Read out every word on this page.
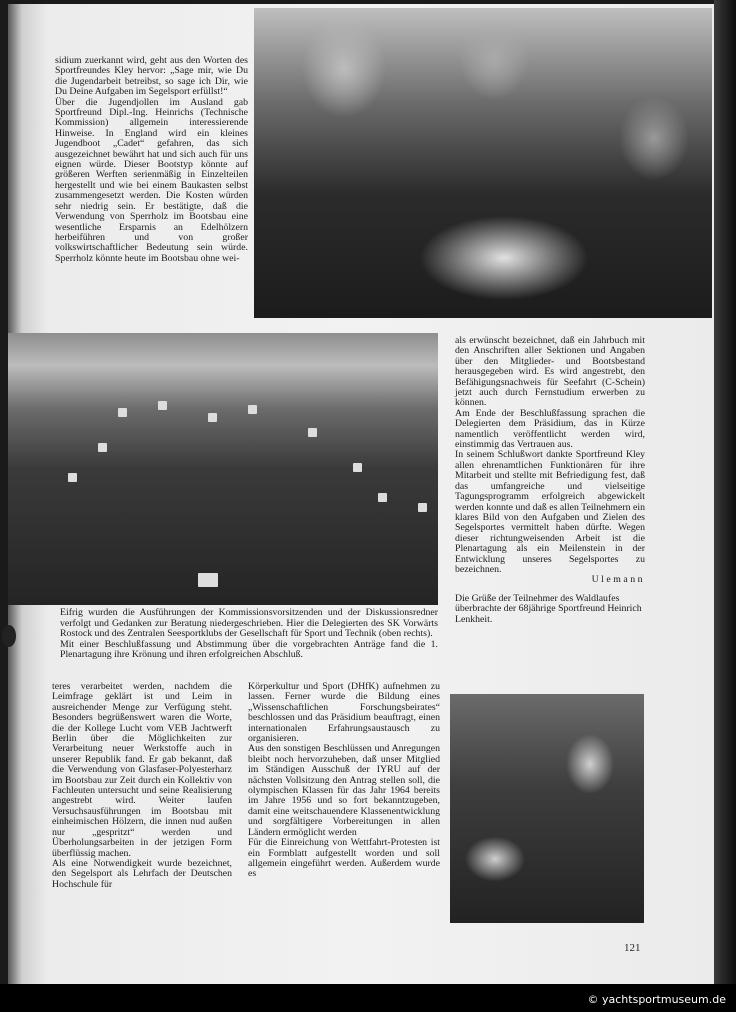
sidium zuerkannt wird, geht aus den Worten des Sportfreundes Kley hervor: „Sage mir, wie Du die Jugendarbeit betreibst, so sage ich Dir, wie Du Deine Aufgaben im Segelsport erfüllst!“

Über die Jugendjollen im Ausland gab Sportfreund Dipl.-Ing. Heinrichs (Technische Kommission) allgemein interessierende Hinweise. In England wird ein kleines Jugendboot „Cadet“ gefahren, das sich ausgezeichnet bewährt hat und sich auch für uns eignen würde. Dieser Bootstyp könnte auf größeren Werften serienmäßig in Einzelteilen hergestellt und wie bei einem Baukasten selbst zusammengesetzt werden. Die Kosten würden sehr niedrig sein. Er bestätigte, daß die Verwendung von Sperrholz im Bootsbau eine wesentliche Ersparnis an Edelhölzern herbeiführen und von großer volkswirtschaftlicher Bedeutung sein würde. Sperrholz könnte heute im Bootsbau ohne wei-

als erwünscht bezeichnet, daß ein Jahrbuch mit den Anschriften aller Sektionen und Angaben über den Mitglieder- und Bootsbestand herausgegeben wird. Es wird angestrebt, den Befähigungsnachweis für Seefahrt (C-Schein) jetzt auch durch Fernstudium erwerben zu können.

Am Ende der Beschlußfassung sprachen die Delegierten dem Präsidium, das in Kürze namentlich veröffentlicht werden wird, einstimmig das Vertrauen aus.

In seinem Schlußwort dankte Sportfreund Kley allen ehrenamtlichen Funktionären für ihre Mitarbeit und stellte mit Befriedigung fest, daß das umfangreiche und vielseitige Tagungsprogramm erfolgreich abgewickelt werden konnte und daß es allen Teilnehmern ein klares Bild von den Aufgaben und Zielen des Segelsportes vermittelt haben dürfte. Wegen dieser richtungweisenden Arbeit ist die Plenartagung als ein Meilenstein in der Entwicklung unseres Segelsportes zu bezeichnen.

Ulemann

Die Grüße der Teilnehmer des Waldlaufes überbrachte der 68jährige Sportfreund Heinrich Lenkheit.

Eifrig wurden die Ausführungen der Kommissionsvorsitzenden und der Diskussionsredner verfolgt und Gedanken zur Beratung niedergeschrieben. Hier die Delegierten des SK Vorwärts Rostock und des Zentralen Seesportklubs der Gesellschaft für Sport und Technik (oben rechts).

Mit einer Beschlußfassung und Abstimmung über die vorgebrachten Anträge fand die 1. Plenartagung ihre Krönung und ihren erfolgreichen Abschluß.

teres verarbeitet werden, nachdem die Leimfrage geklärt ist und Leim in ausreichender Menge zur Verfügung steht. Besonders begrüßenswert waren die Worte, die der Kollege Lucht vom VEB Jachtwerft Berlin über die Möglichkeiten zur Verarbeitung neuer Werkstoffe auch in unserer Republik fand. Er gab bekannt, daß die Verwendung von Glasfaser-Polyesterharz im Bootsbau zur Zeit durch ein Kollektiv von Fachleuten untersucht und seine Realisierung angestrebt wird. Weiter laufen Versuchsausführungen im Bootsbau mit einheimischen Hölzern, die innen nud außen nur „gespritzt“ werden und Überholungsarbeiten in der jetzigen Form überflüssig machen.

Als eine Notwendigkeit wurde bezeichnet, den Segelsport als Lehrfach der Deutschen Hochschule für

Körperkultur und Sport (DHfK) aufnehmen zu lassen. Ferner wurde die Bildung eines „Wissenschaftlichen Forschungsbeirates“ beschlossen und das Präsidium beauftragt, einen internationalen Erfahrungsaustausch zu organisieren.

Aus den sonstigen Beschlüssen und Anregungen bleibt noch hervorzuheben, daß unser Mitglied im Ständigen Ausschuß der IYRU auf der nächsten Vollsitzung den Antrag stellen soll, die olympischen Klassen für das Jahr 1964 bereits im Jahre 1956 und so fort bekanntzugeben, damit eine weitschauendere Klassenentwicklung und sorgfältigere Vorbereitungen in allen Ländern ermöglicht werden

Für die Einreichung von Wettfahrt-Protesten ist ein Formblatt aufgestellt worden und soll allgemein eingeführt werden. Außerdem wurde es

121
© yachtsportmuseum.de
